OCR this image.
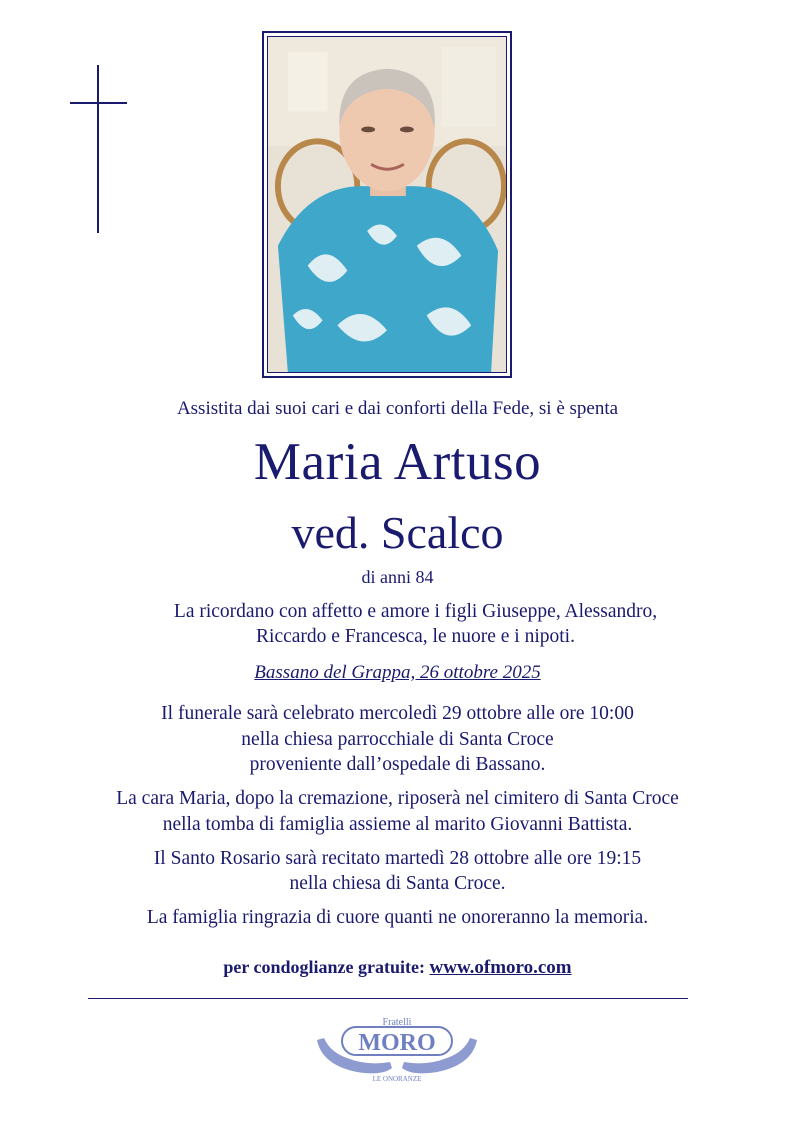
Assistita dai suoi cari e dai conforti della Fede, si è spenta
Maria Artuso
ved. Scalco
di anni 84
La ricordano con affetto e amore i figli Giuseppe, Alessandro,
Riccardo e Francesca, le nuore e i nipoti.
Bassano del Grappa, 26 ottobre 2025
Il funerale sarà celebrato mercoledì 29 ottobre alle ore 10:00
nella chiesa parrocchiale di Santa Croce
proveniente dall’ospedale di Bassano.
La cara Maria, dopo la cremazione, riposerà nel cimitero di Santa Croce
nella tomba di famiglia assieme al marito Giovanni Battista.
Il Santo Rosario sarà recitato martedì 28 ottobre alle ore 19:15
nella chiesa di Santa Croce.
La famiglia ringrazia di cuore quanti ne onoreranno la memoria.
per condoglianze gratuite: www.ofmoro.com
Fratelli
MORO
LE ONORANZE
